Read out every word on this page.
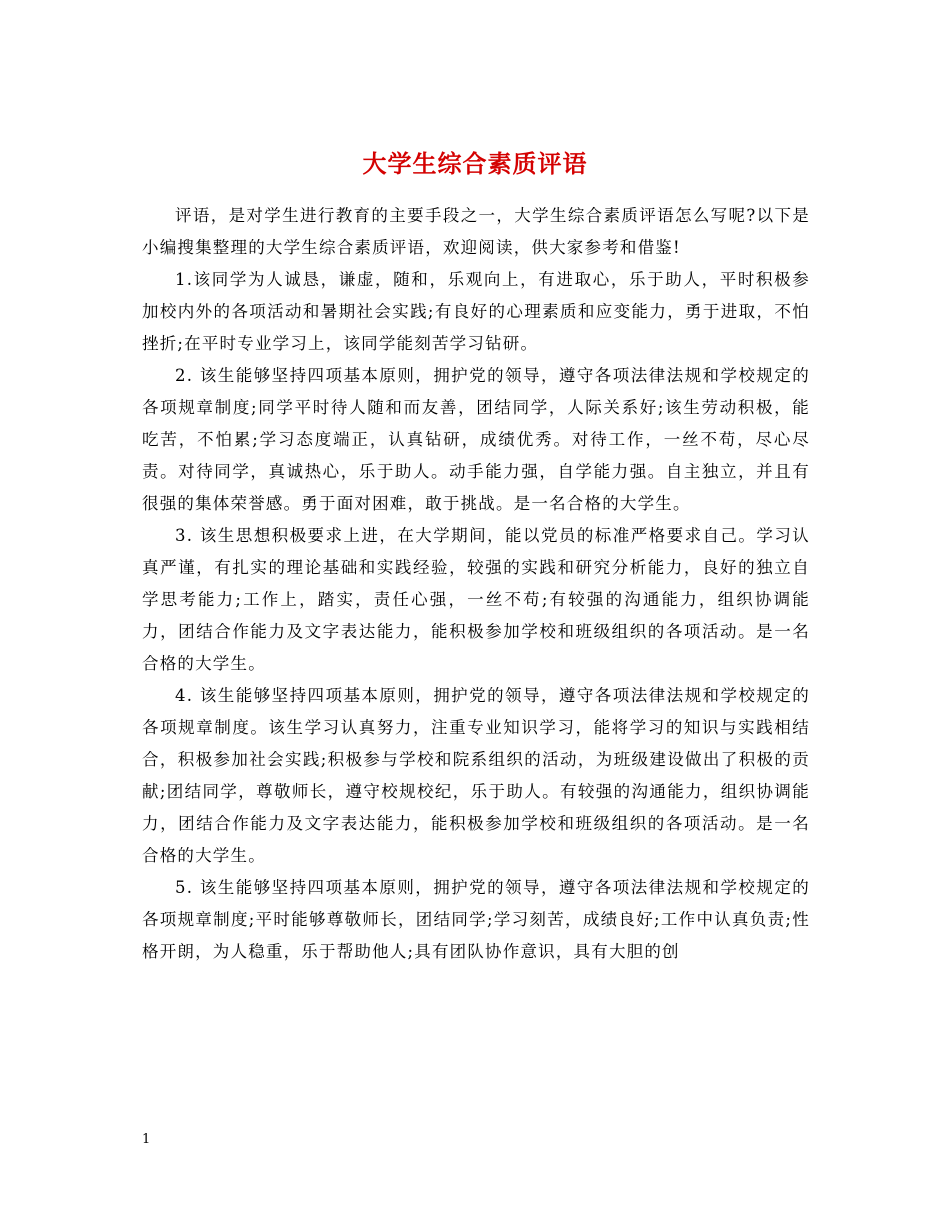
大学生综合素质评语

评语，是对学生进行教育的主要手段之一，大学生综合素质评语怎么写呢?以下是小编搜集整理的大学生综合素质评语，欢迎阅读，供大家参考和借鉴!

1.该同学为人诚恳，谦虚，随和，乐观向上，有进取心，乐于助人，平时积极参加校内外的各项活动和暑期社会实践;有良好的心理素质和应变能力，勇于进取，不怕挫折;在平时专业学习上，该同学能刻苦学习钻研。

2. 该生能够坚持四项基本原则，拥护党的领导，遵守各项法律法规和学校规定的各项规章制度;同学平时待人随和而友善，团结同学，人际关系好;该生劳动积极，能吃苦，不怕累;学习态度端正，认真钻研，成绩优秀。对待工作，一丝不苟，尽心尽责。对待同学，真诚热心，乐于助人。动手能力强，自学能力强。自主独立，并且有很强的集体荣誉感。勇于面对困难，敢于挑战。是一名合格的大学生。

3. 该生思想积极要求上进，在大学期间，能以党员的标准严格要求自己。学习认真严谨，有扎实的理论基础和实践经验，较强的实践和研究分析能力，良好的独立自学思考能力;工作上，踏实，责任心强，一丝不苟;有较强的沟通能力，组织协调能力，团结合作能力及文字表达能力，能积极参加学校和班级组织的各项活动。是一名合格的大学生。

4. 该生能够坚持四项基本原则，拥护党的领导，遵守各项法律法规和学校规定的各项规章制度。该生学习认真努力，注重专业知识学习，能将学习的知识与实践相结合，积极参加社会实践;积极参与学校和院系组织的活动，为班级建设做出了积极的贡献;团结同学，尊敬师长，遵守校规校纪，乐于助人。有较强的沟通能力，组织协调能力，团结合作能力及文字表达能力，能积极参加学校和班级组织的各项活动。是一名合格的大学生。

5. 该生能够坚持四项基本原则，拥护党的领导，遵守各项法律法规和学校规定的各项规章制度;平时能够尊敬师长，团结同学;学习刻苦，成绩良好;工作中认真负责;性格开朗，为人稳重，乐于帮助他人;具有团队协作意识，具有大胆的创

1
